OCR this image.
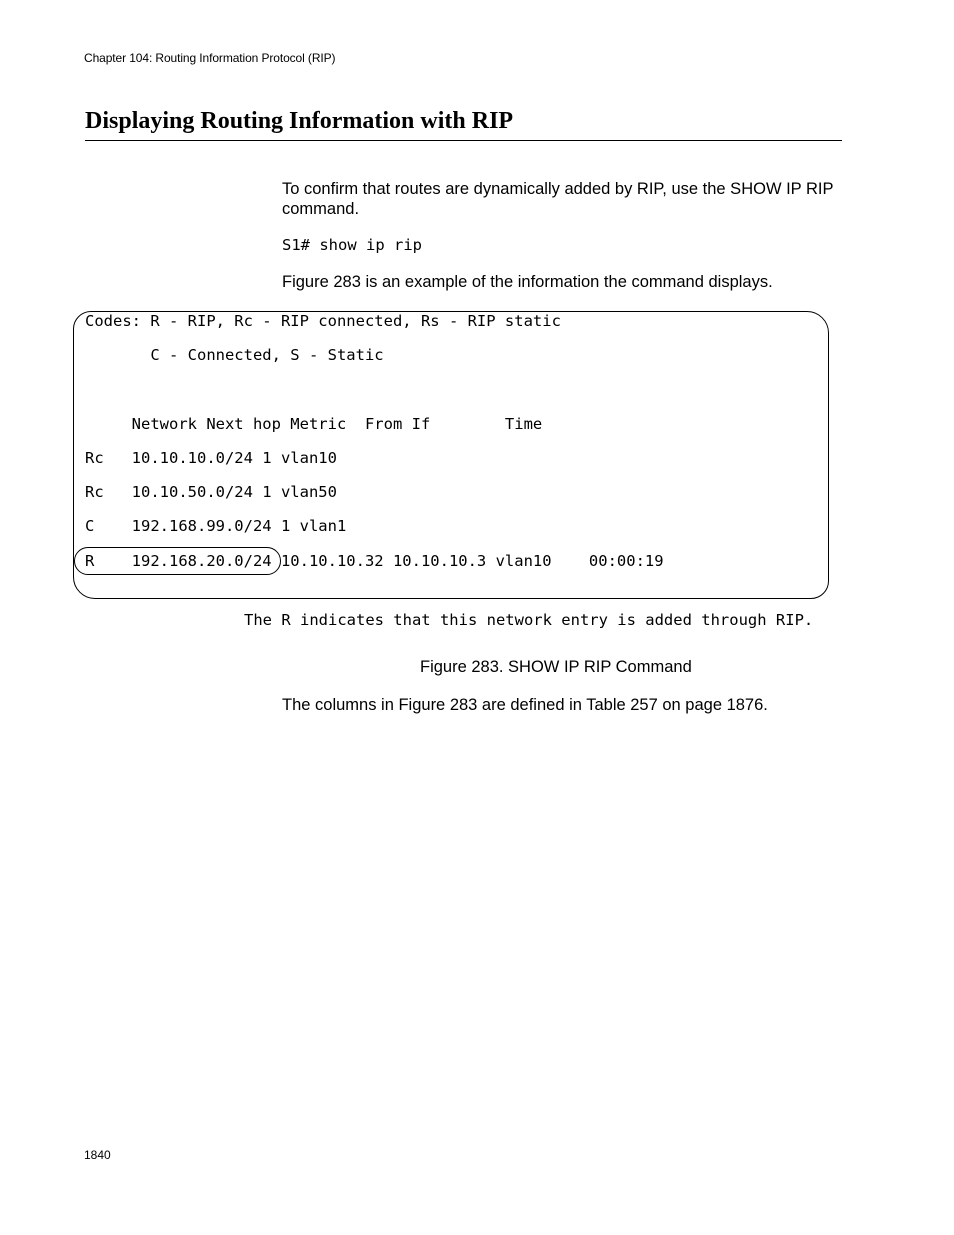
Chapter 104: Routing Information Protocol (RIP)
Displaying Routing Information with RIP

To confirm that routes are dynamically added by RIP, use the SHOW IP RIP command.

S1# show ip rip

Figure 283 is an example of the information the command displays.

Codes: R - RIP, Rc - RIP connected, Rs - RIP static
C - Connected, S - Static
Network Next hop Metric  From If        Time
Rc   10.10.10.0/24 1 vlan10
Rc   10.10.50.0/24 1 vlan50
C    192.168.99.0/24 1 vlan1
R    192.168.20.0/24 10.10.10.32 10.10.10.3 vlan10    00:00:19
The R indicates that this network entry is added through RIP.
Figure 283. SHOW IP RIP Command

The columns in Figure 283 are defined in Table 257 on page 1876.

1840
